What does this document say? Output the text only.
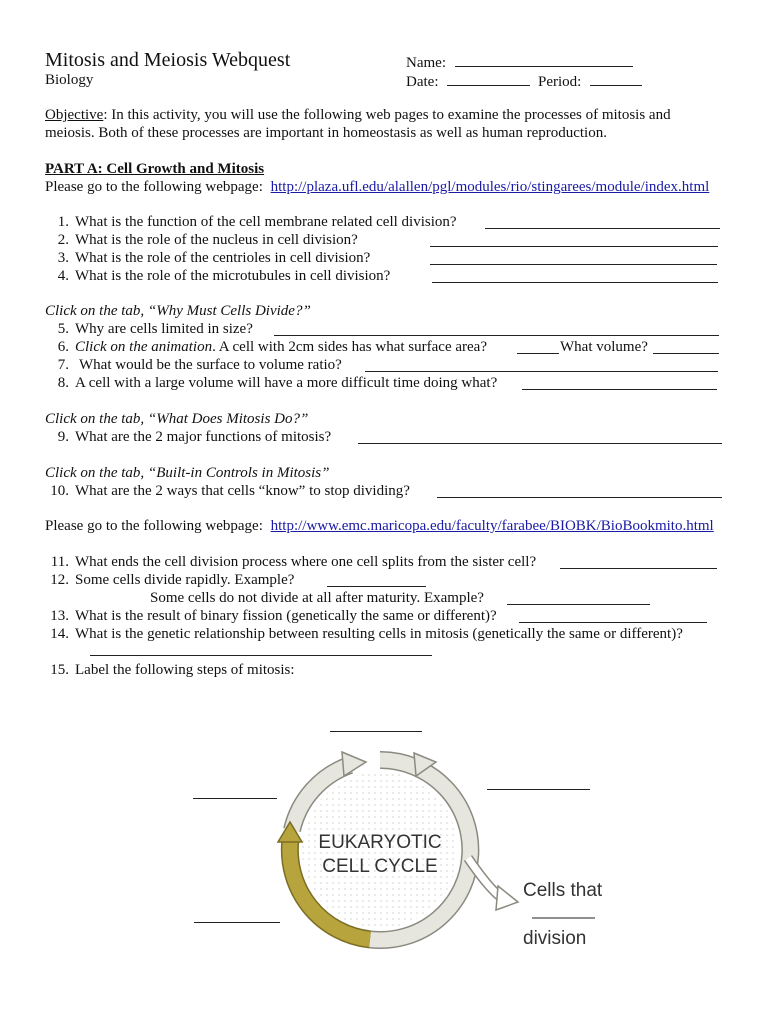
Mitosis and Meiosis Webquest
Biology
Name:
Date:	Period:
Objective: In this activity, you will use the following web pages to examine the processes of mitosis and
meiosis. Both of these processes are important in homeostasis as well as human reproduction.
PART A: Cell Growth and Mitosis
Please go to the following webpage: http://plaza.ufl.edu/alallen/pgl/modules/rio/stingarees/module/index.html
1. What is the function of the cell membrane related cell division?
2. What is the role of the nucleus in cell division?
3. What is the role of the centrioles in cell division?
4. What is the role of the microtubules in cell division?
Click on the tab, “Why Must Cells Divide?”
5. Why are cells limited in size?
6. Click on the animation. A cell with 2cm sides has what surface area?	What volume?
7. What would be the surface to volume ratio?
8. A cell with a large volume will have a more difficult time doing what?
Click on the tab, “What Does Mitosis Do?”
9. What are the 2 major functions of mitosis?
Click on the tab, “Built-in Controls in Mitosis”
10. What are the 2 ways that cells “know” to stop dividing?
Please go to the following webpage: http://www.emc.maricopa.edu/faculty/farabee/BIOBK/BioBookmito.html
11. What ends the cell division process where one cell splits from the sister cell?
12. Some cells divide rapidly. Example?
Some cells do not divide at all after maturity. Example?
13. What is the result of binary fission (genetically the same or different)?
14. What is the genetic relationship between resulting cells in mitosis (genetically the same or different)?
15. Label the following steps of mitosis:
EUKARYOTIC
CELL CYCLE
Cells that
division
